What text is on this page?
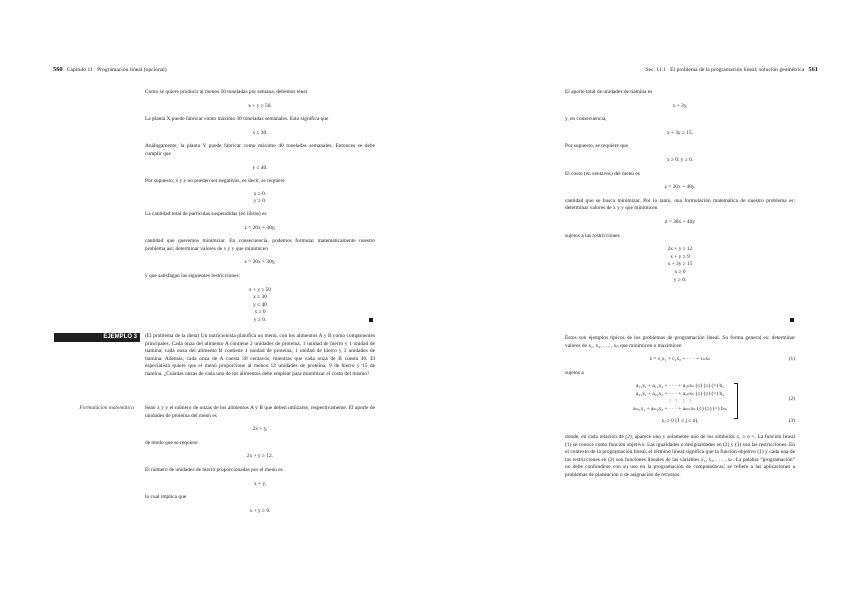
560 Capítulo 11 Programación lineal (opcional)

Como se quiere producir al menos 50 toneladas por semana, debemos tener

x + y ≥ 50.

La planta X puede fabricar como máximo 30 toneladas semanales. Esto significa que

x ≤ 30.

Análogamente, la planta Y puede fabricar como máximo 40 toneladas semanales. Entonces se debe cumplir que

y ≤ 40.

Por supuesto, x y y no pueden ser negativos, es decir, se requiere

x ≥ 0.

y ≥ 0.

La cantidad total de partículas suspendidas (en libras) es

z = 20x + 30y,

cantidad que queremos minimizar. En consecuencia, podemos formular matemáticamente nuestro problema así: determinar valores de x y y que minimicen

z = 20x + 30y,

y que satisfagan las siguientes restricciones:

x + y ≥ 50

x ≤ 30

y ≤ 40

x ≥ 0

y ≥ 0.

EJEMPLO 3	(El problema de la dieta) Un nutricionista planifica un menú, con los alimentos A y B como componentes principales. Cada onza del alimento A contiene 2 unidades de proteína, 1 unidad de hierro y 1 unidad de tiamina; cada onza del alimento B contiene 1 unidad de proteína, 1 unidad de hierro y 3 unidades de tiamina. Además, cada onza de A cuesta 30 centavos, mientras que cada onza de B cuesta 40. El especialista quiere que el menú proporcione al menos 12 unidades de proteína, 9 de hierro y 15 de tiamina. ¿Cuántas onzas de cada uno de los alimentos debe emplear para minimizar el costo del mismo?

Formulación matemática Sean x y y el número de onzas de los alimentos A y B que deben utilizarse, respectivamente. El aporte de unidades de proteína del menú es

2x + y,

de modo que se requiere

2x + y ≥ 12.

El número de unidades de hierro proporcionadas por el menú es

x + y,

lo cual implica que

x + y ≥ 9.

Sec. 11.1 El problema de la programación lineal; solución geométrica 561

El aporte total de unidades de tiamina es

x + 3y,

y, en consecuencia,

x + 3y ≥ 15.

Por supuesto, se requiere que

x ≥ 0, y ≥ 0.

El costo (en centavos) del menú es

z = 30x + 40y,

cantidad que se busca minimizar. Por lo tanto, una formulación matemática de nuestro problema es: determinar valores de x y y que minimicen

z = 30x + 40y

sujetos a las restricciones

2x + y ≥ 12

x + y ≥ 9

x + 3y ≥ 15

x ≥ 0

y ≥ 0.

Éstos son ejemplos típicos de los problemas de programación lineal. Su forma general es: determinar valores de x₁, x₂, . . . , xₙ que minimicen o maximicen

z = c₁x₁ + c₂x₂ + · · · + cₙxₙ	(1)

sujetos a

a₁₁x₁ + a₁₂x₂ + · · · + a₁ₙxₙ (≤) (≥) (=) b₁

a₂₁x₁ + a₂₂x₂ + · · · + a₂ₙxₙ (≤) (≥) (=) b₂

⋮ ⋮ ⋮ ⋮

aₘ₁x₁ + aₘ₂x₂ + · · · + aₘₙxₙ (≤) (≥) (=) bₘ

(2)
xⱼ ≥ 0 (1 ≤ j ≤ n),	(3)

donde, en cada relación de (2), aparece uno y solamente uno de los símbolos ≤, ≥ o =. La función lineal (1) se conoce como función objetivo. Las igualdades o desigualdades en (2) y (3) son las restricciones. En el contexto de la programación lineal, el término lineal significa que la función objetivo (1) y cada una de las restricciones en (2) son funciones lineales de las variables x₁, x₂, . . . , xₙ. La palabra “programación” no debe confundirse con su uso en la programación de computadoras; se refiere a las aplicaciones a problemas de planeación o de asignación de recursos.
